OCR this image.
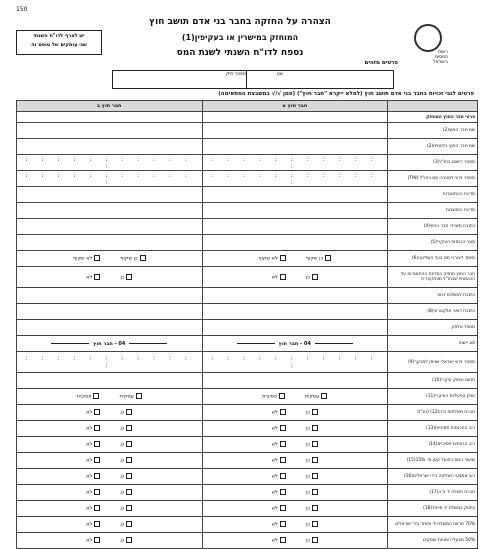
150
יש לצרף לדו"ח השנתי
שני עותקים של טופס זה
רשות
המסים
בישראל
הצהרה על החזקה בחבר בני אדם תושב חוץ
המוחזק במישרין או בעקיפין(1)
נספח לדו"ח השנתי לשנת המס
פרטים מזהים
שם
מספר תיק
פרטים לגבי זכויות בחבר בני אדם תושב חוץ (למלא ייקרא "חבר חוץ") (סמן √/√ במשבצת המתאימה)
	חבר חוץ א	חבר חוץ ב
פרטי חבר החוץ המוחזק		
שם חבר החוץ(2)		
שם חבר החוץ בלועזית(2)		
מספר רישום בחו"ל(3)	: : : : : : : : : : : :	: : : : : : : : : : : :
מספר זיהוי למטרכי מס בחו"ל (TIN)	: : : : : : : : : : : :	: : : : : : : : : : : :
מדינת ההתאגדות		
מדינת התושבות		
כתובת משרדי חבר החוץ(4)		
סוגר הכנסות העיקרי(5)		
מיוסד לצורכי מס בעל השליטה(6)	כן שקוףלא שקוף	כן שקוףלא שקוף
חבר החוץ מחזיק במדינת ההתאגדות על הכנסותיו שבחו"ל מוחזקות לו	כןלא	כןלא
כתובת למשלוח דואר		
כתובת דואר אלקטרוני(8)		
מספר טלפון		
סוג יישות	04 - חבר חוץ	04 - חבר חוץ
מספר זיהוי ישראלי שניתן למבקר(9)	: : : : : : : : : : : :	: : : : : : : : : : : :
תחום עיסוק עיקרי(10)		
אופן הפעילות העיקרי(11)	עסקיתפסיבית	עסקיתפסיבית
חברת מאלחות זרה(12) (חנ"ז)	כןלא	כןלא
רוב ההכנסות פסיביות(13)	כןלא	כןלא
רוב הרווחים פסיביים(14)	כןלא	כןלא
שיעור המס בפועל קטן מ- 15%(15)	כןלא	כןלא
רוב אמצעי השליטה בידי ישראלים(16)	כןלא	כןלא
חברת משלח יד זרה(17)	כןלא	כןלא
עיסוק במשלח יד מיוחד(18)	כןלא	כןלא
70% מרווח המשלח יד מיוחד בידי ישראלים	כןלא	כןלא
50% מבעלי המניות עוסקים	כןלא	כןלא
